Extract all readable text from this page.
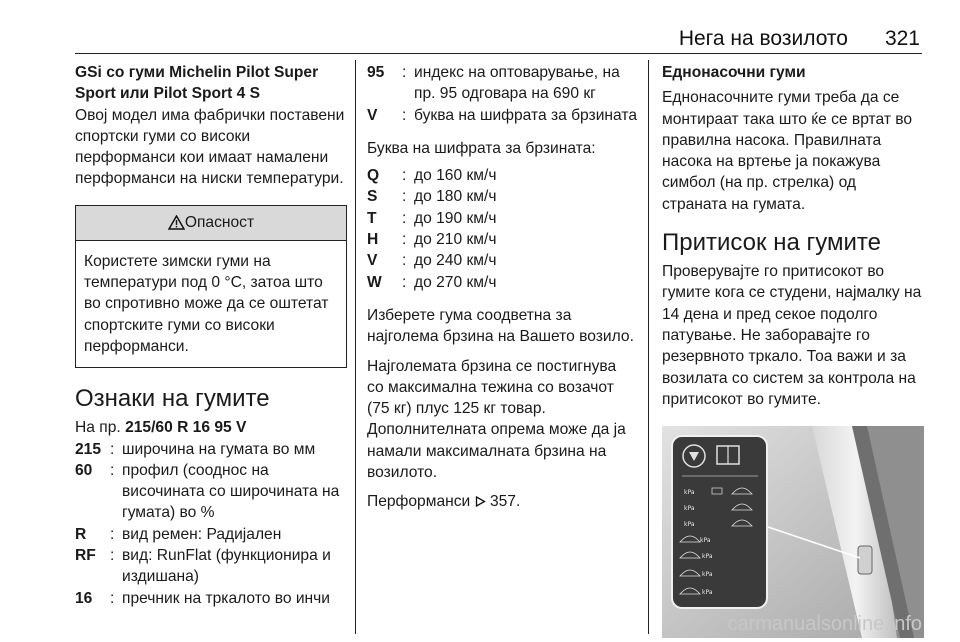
Нега на возилото 321

GSi со гуми Michelin Pilot Super Sport или Pilot Sport 4 S

Овој модел има фабрички поставени спортски гуми со високи перформанси кои имаат намалени перформанси на ниски температури.

Опасност
Користете зимски гуми на температури под 0 °C, затоа што во спротивно може да се оштетат спортските гуми со високи перформанси.
Ознаки на гумите

На пр. 215/60 R 16 95 V

215 : широчина на гумата во мм
60	: профил (сооднос на височината со широчината на гумата) во %
R	: вид ремен: Радијален
RF : вид: RunFlat (функционира и издишана)
16	: пречник на тркалото во инчи
95	: индекс на оптоварување, на пр. 95 одговара на 690 кг
V	: буква на шифрата за брзината

Буква на шифрата за брзината:

Q	: до 160 км/ч
S	: до 180 км/ч
T	: до 190 км/ч
H	: до 210 км/ч
V	: до 240 км/ч
W	: до 270 км/ч

Изберете гума соодветна за најголема брзина на Вашето возило.

Најголемата брзина се постигнува со максимална тежина со возачот (75 кг) плус 125 кг товар. Дополнителната опрема може да ја намали максималната брзина на возилото.

Перформанси 357.

Еднонасочни гуми

Еднонасочните гуми треба да се монтираат така што ќе се вртат во правилна насока. Правилната насока на вртење ја покажува симбол (на пр. стрелка) од страната на гумата.

Притисок на гумите

Проверувајте го притисокот во гумите кога се студени, најмалку на 14 дена и пред секое подолго патување. Не заборавајте го резервното тркало. Тоа важи и за возилата со систем за контрола на притисокот во гумите.

kPa
kPa
kPa
kPa
kPa
kPa
kPa
carmanualsonline.info
